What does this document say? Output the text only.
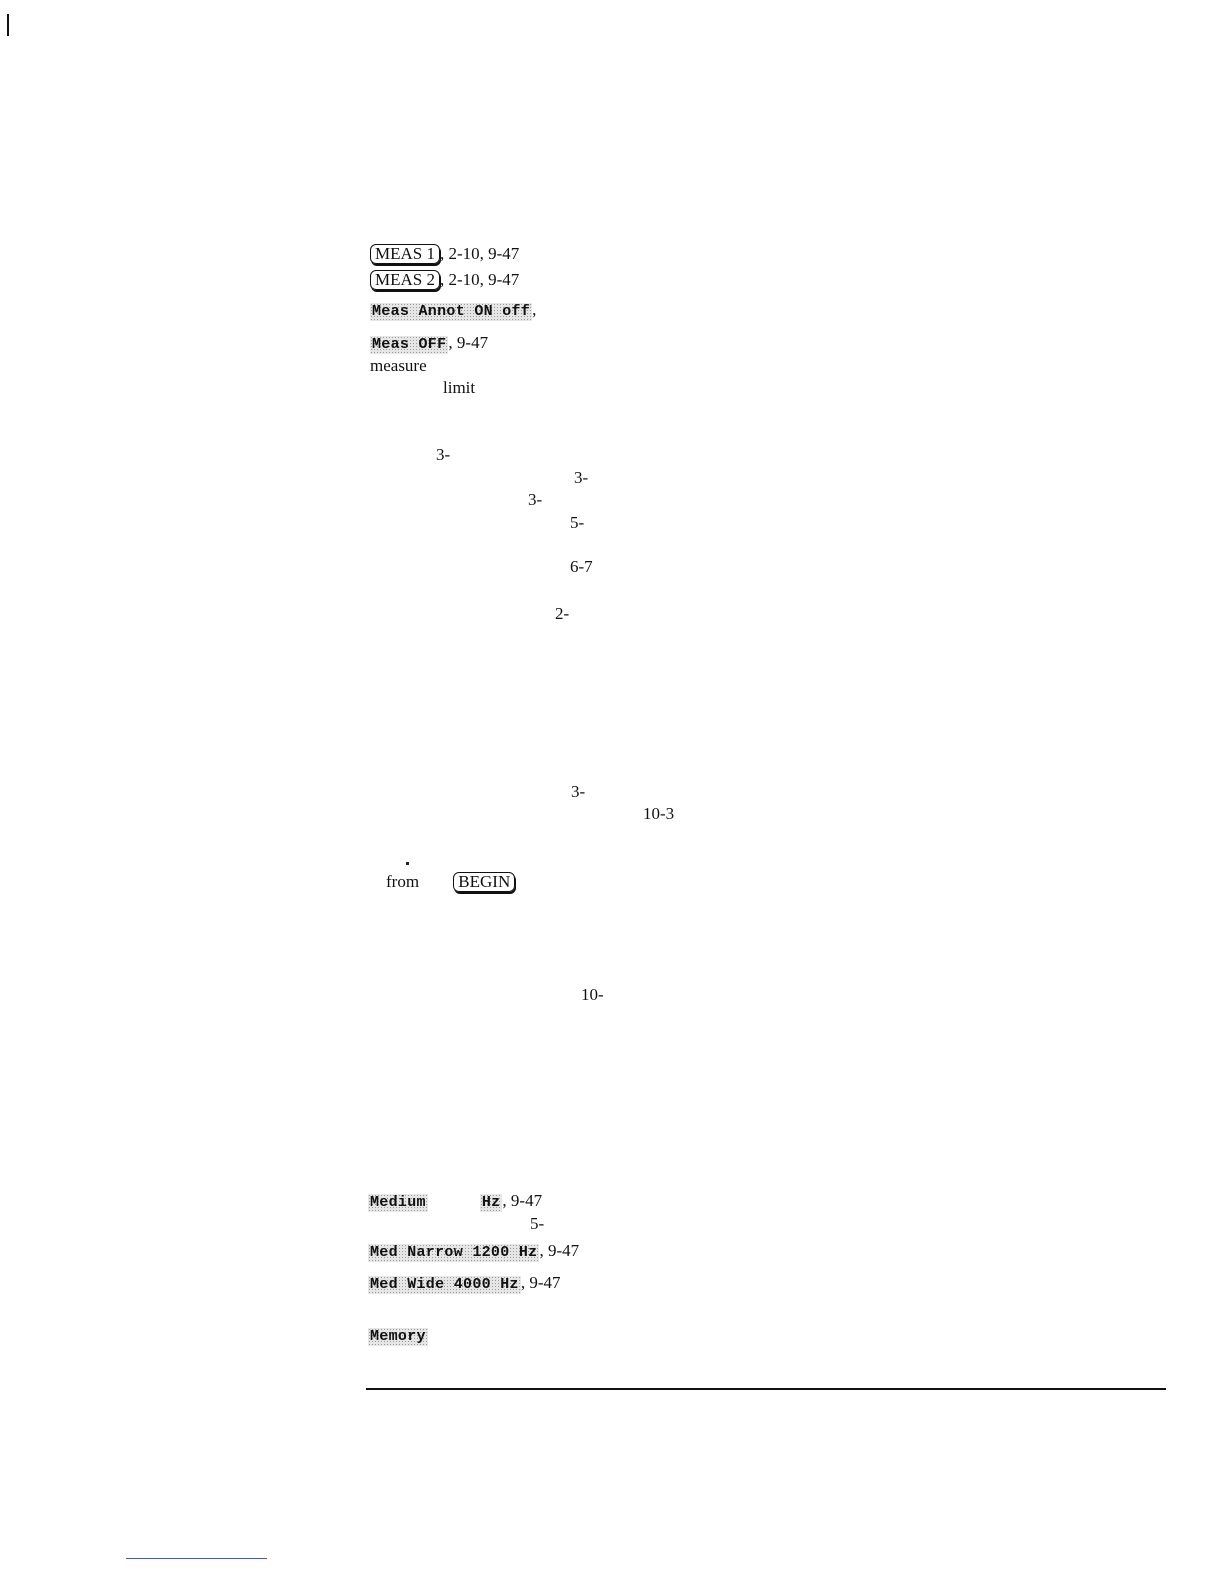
MEAS 1 , 2-10, 9-47
MEAS 2 , 2-10, 9-47
Meas Annot ON off ,
Meas OFF , 9-47
measure
limit
3-
3-
3-
5-
6-7
2-
3-
10-3
from BEGIN
10-
Medium	Hz , 9-47
5-
Med Narrow 1200 Hz , 9-47
Med Wide 4000 Hz , 9-47
Memory
